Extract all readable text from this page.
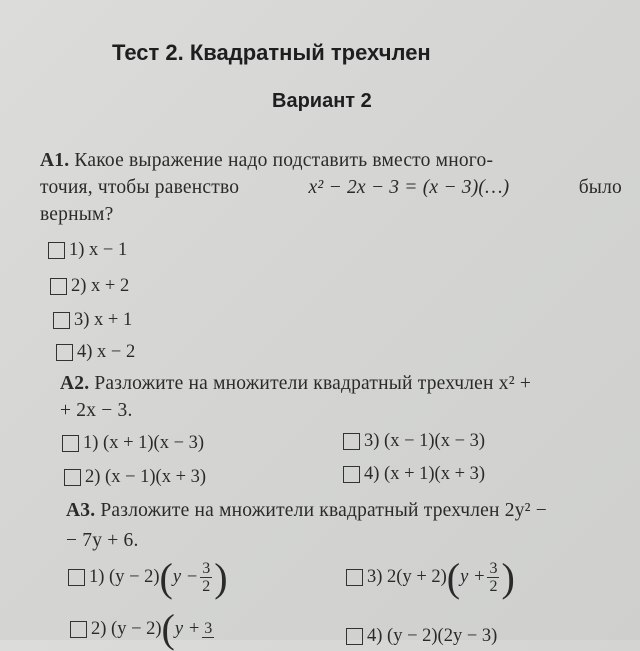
Тест 2. Квадратный трехчлен
Вариант 2
А1. Какое выражение надо подставить вместо много-
точия, чтобы равенство	x² − 2x − 3 = (x − 3)(…)	было
верным?
1) x − 1
2) x + 2
3) x + 1
4) x − 2
А2. Разложите на множители квадратный трехчлен x² +
+ 2x − 3.
1) (x + 1)(x − 3)
2) (x − 1)(x + 3)
3) (x − 1)(x − 3)
4) (x + 1)(x + 3)
А3. Разложите на множители квадратный трехчлен 2y² −
− 7y + 6.
1) (y − 2) ( $y - \frac{3}{2}$ )	3) 2(y + 2) ( $y + \frac{3}{2}$ )
2) (y − 2) ( y + 3	4) (y − 2)(2y − 3)
